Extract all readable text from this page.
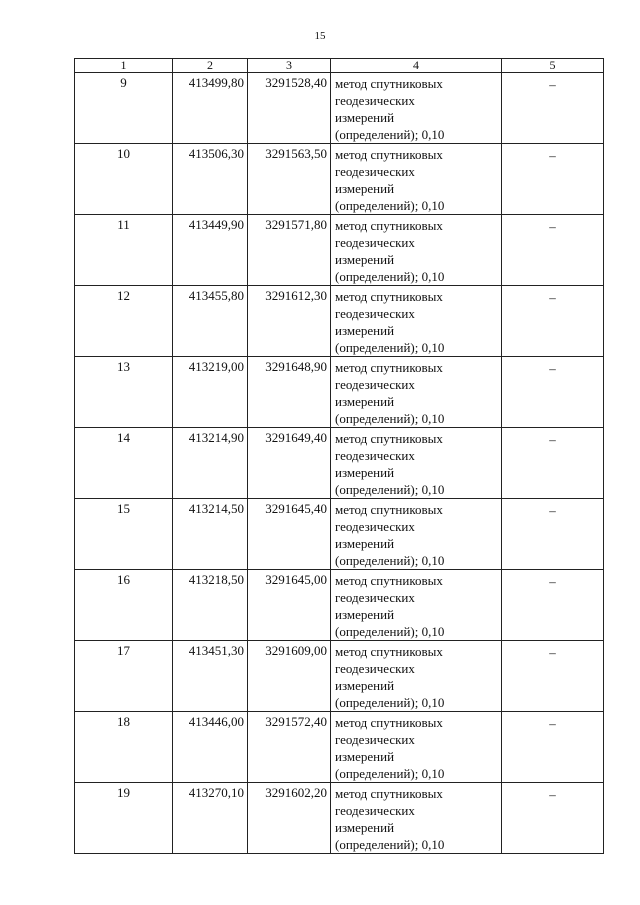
15
1	2	3	4	5

9	413499,80	3291528,40	метод спутниковых
геодезических
измерений
(определений); 0,10	–

10	413506,30	3291563,50	метод спутниковых
геодезических
измерений
(определений); 0,10	–

11	413449,90	3291571,80	метод спутниковых
геодезических
измерений
(определений); 0,10	–

12	413455,80	3291612,30	метод спутниковых
геодезических
измерений
(определений); 0,10	–

13	413219,00	3291648,90	метод спутниковых
геодезических
измерений
(определений); 0,10	–

14	413214,90	3291649,40	метод спутниковых
геодезических
измерений
(определений); 0,10	–

15	413214,50	3291645,40	метод спутниковых
геодезических
измерений
(определений); 0,10	–

16	413218,50	3291645,00	метод спутниковых
геодезических
измерений
(определений); 0,10	–

17	413451,30	3291609,00	метод спутниковых
геодезических
измерений
(определений); 0,10	–

18	413446,00	3291572,40	метод спутниковых
геодезических
измерений
(определений); 0,10	–

19	413270,10	3291602,20	метод спутниковых
геодезических
измерений
(определений); 0,10	–
